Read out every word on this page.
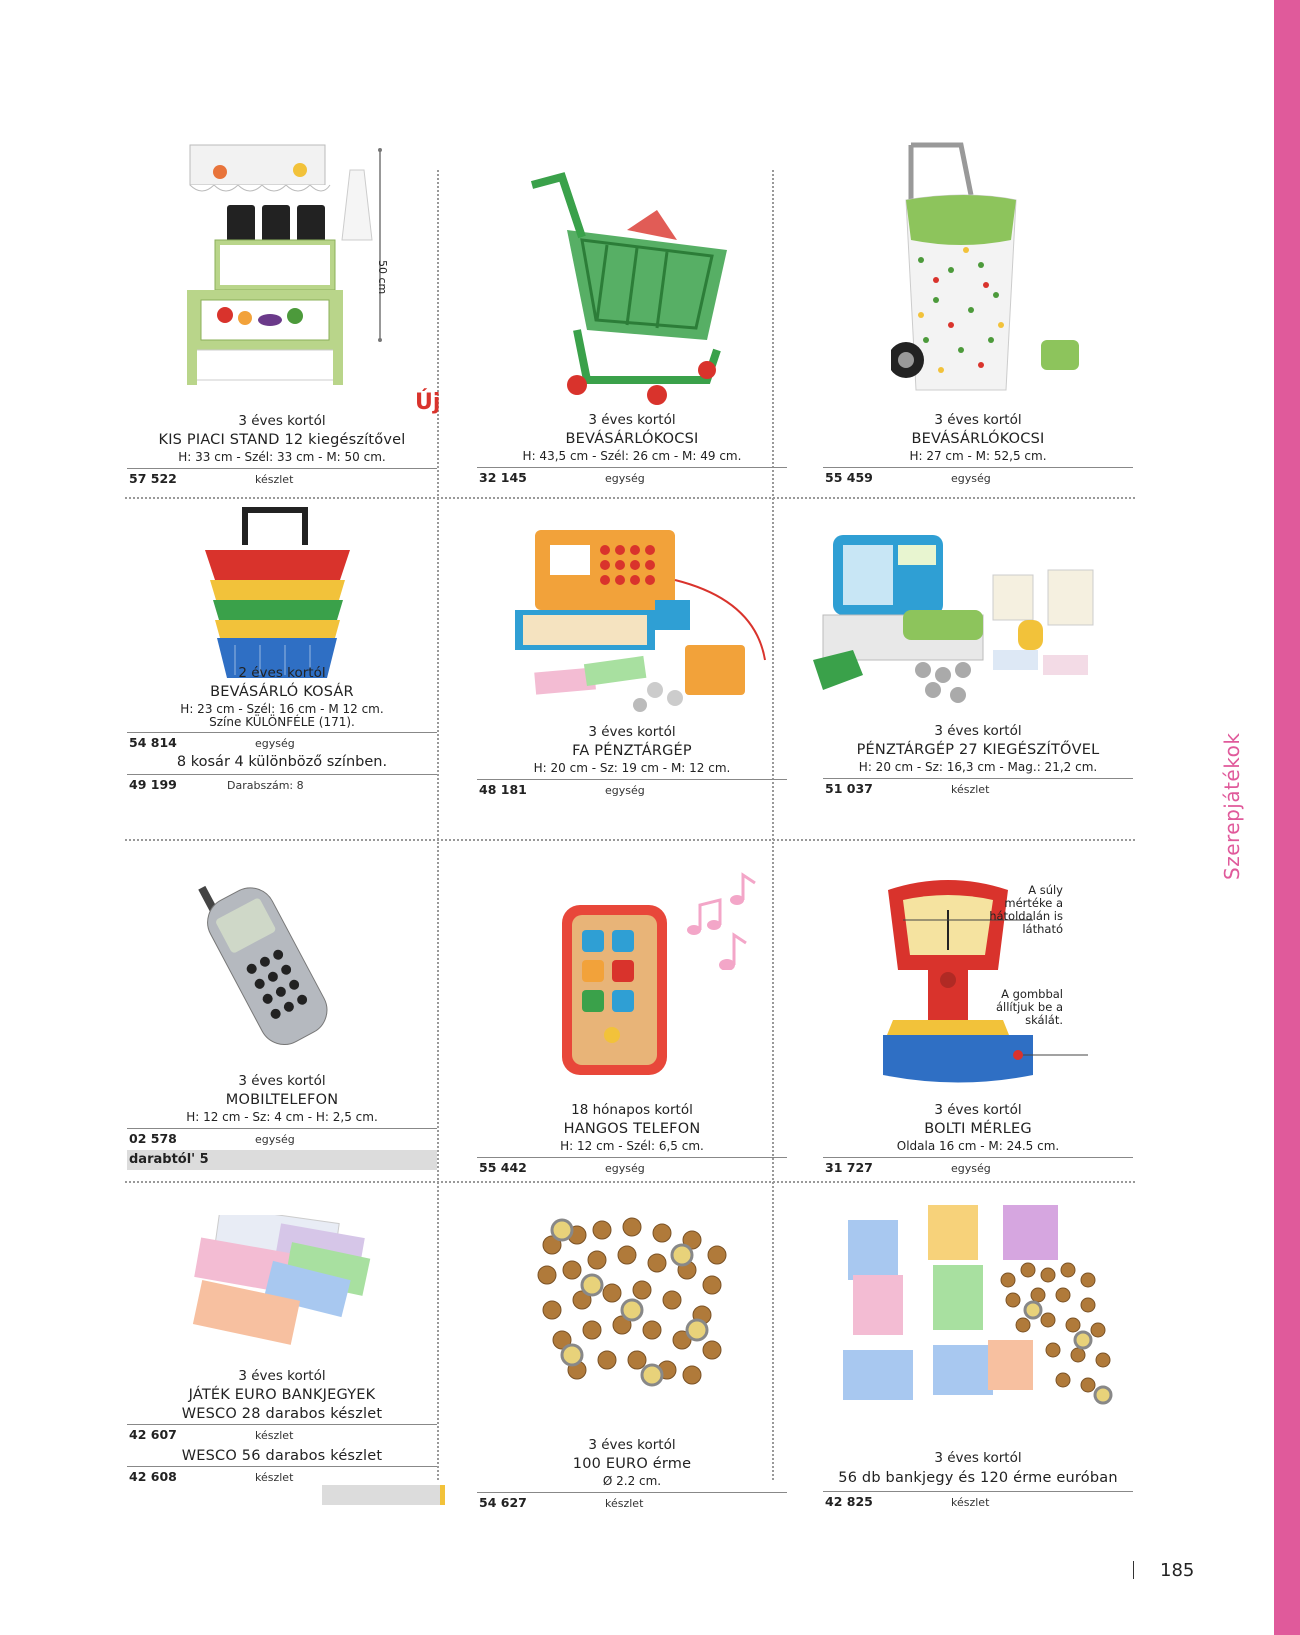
Szerepjátékok
50 cm
Új
3 éves kortól
KIS PIACI STAND 12 kiegészítővel
H: 33 cm - Szél: 33 cm - M: 50 cm.
57 522	készlet
3 éves kortól
BEVÁSÁRLÓKOCSI
H: 43,5 cm - Szél: 26 cm - M: 49 cm.
32 145	egység
3 éves kortól
BEVÁSÁRLÓKOCSI
H: 27 cm - M: 52,5 cm.
55 459	egység
2 éves kortól
BEVÁSÁRLÓ KOSÁR
H: 23 cm - Szél: 16 cm - M 12 cm.
Színe KÜLÖNFÉLE (171).
54 814	egység
8 kosár 4 különböző színben.
49 199	Darabszám: 8
3 éves kortól
FA PÉNZTÁRGÉP
H: 20 cm - Sz: 19 cm - M: 12 cm.
48 181	egység
3 éves kortól
PÉNZTÁRGÉP 27 KIEGÉSZÍTŐVEL
H: 20 cm - Sz: 16,3 cm - Mag.: 21,2 cm.
51 037	készlet
3 éves kortól
MOBILTELEFON
H: 12 cm - Sz: 4 cm - H: 2,5 cm.
02 578	egység
darabtól' 5
18 hónapos kortól
HANGOS TELEFON
H: 12 cm - Szél: 6,5 cm.
55 442	egység
A súly mértéke a hátoldalán is látható
A gombbal állítjuk be a skálát.
3 éves kortól
BOLTI MÉRLEG
Oldala 16 cm - M: 24.5 cm.
31 727	egység
3 éves kortól
JÁTÉK EURO BANKJEGYEK
WESCO 28 darabos készlet
42 607	készlet
WESCO 56 darabos készlet
42 608	készlet
3 éves kortól
100 EURO érme
Ø 2.2 cm.
54 627	készlet
3 éves kortól
56 db bankjegy és 120 érme euróban
42 825	készlet
185
